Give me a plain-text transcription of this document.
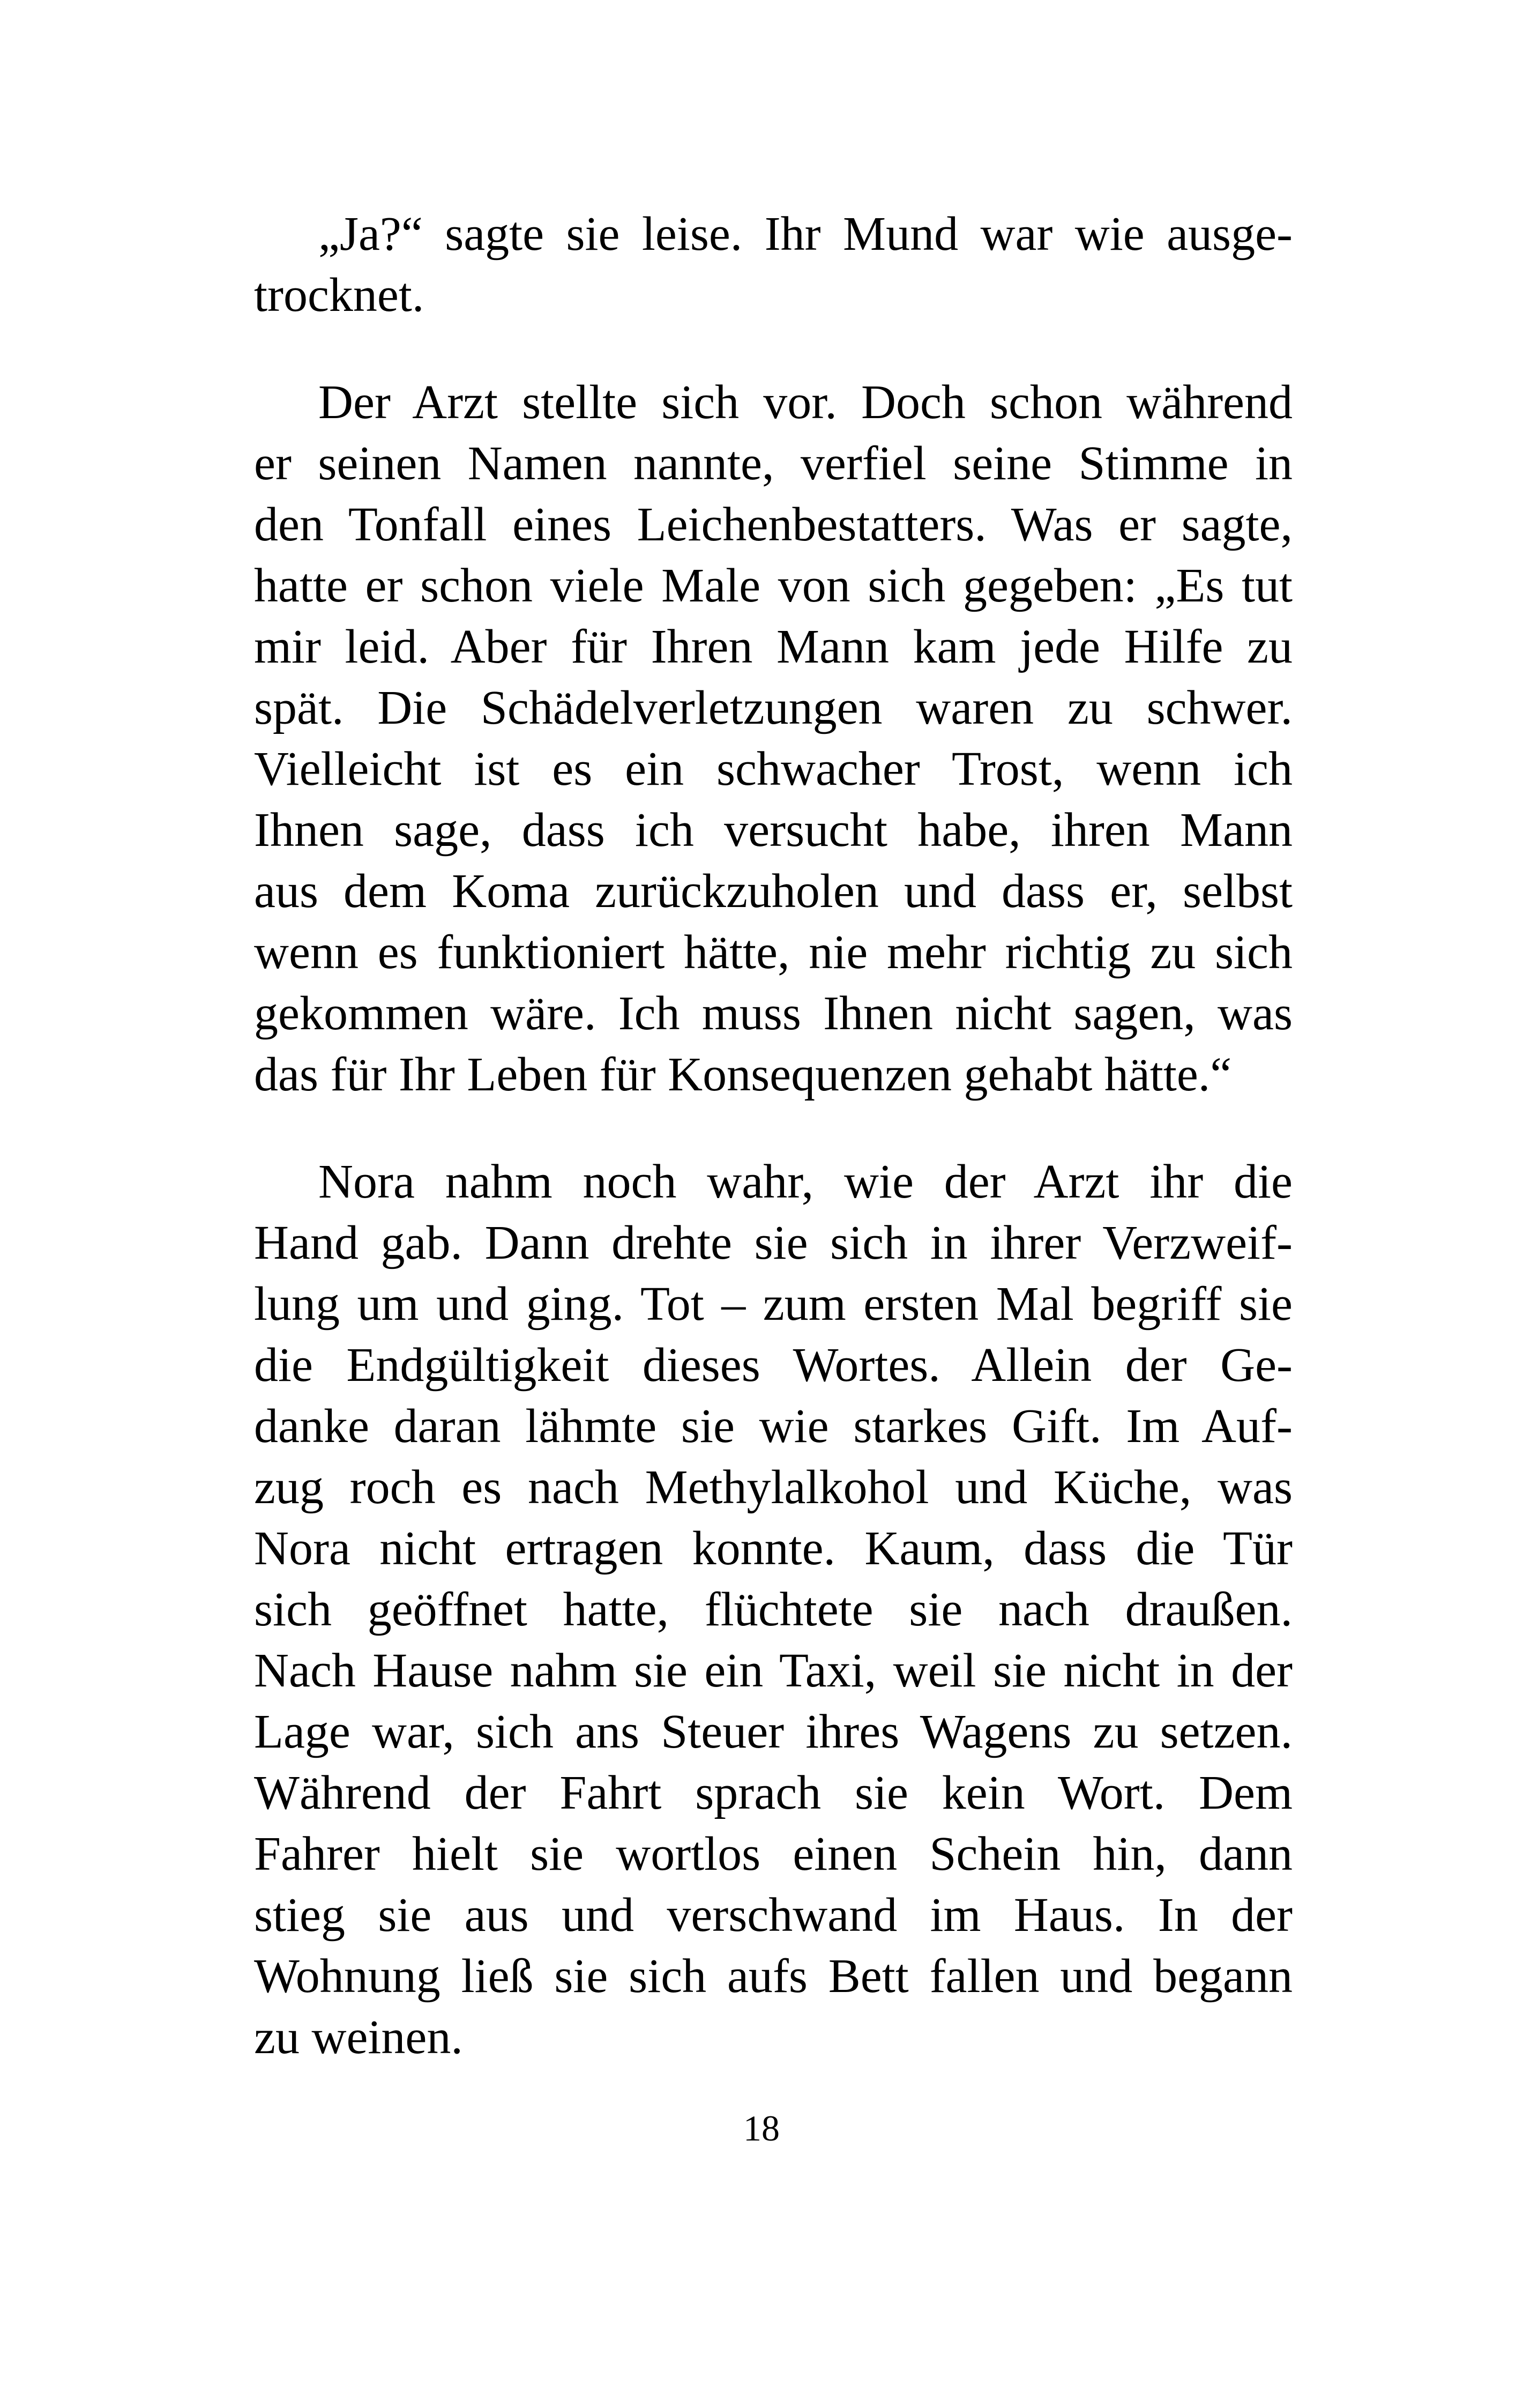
„Ja?“ sagte sie leise. Ihr Mund war wie ausge-
trocknet.

Der Arzt stellte sich vor. Doch schon während
er seinen Namen nannte, verfiel seine Stimme in
den Tonfall eines Leichenbestatters. Was er sagte,
hatte er schon viele Male von sich gegeben: „Es tut
mir leid. Aber für Ihren Mann kam jede Hilfe zu
spät. Die Schädelverletzungen waren zu schwer.
Vielleicht ist es ein schwacher Trost, wenn ich
Ihnen sage, dass ich versucht habe, ihren Mann
aus dem Koma zurückzuholen und dass er, selbst
wenn es funktioniert hätte, nie mehr richtig zu sich
gekommen wäre. Ich muss Ihnen nicht sagen, was
das für Ihr Leben für Konsequenzen gehabt hätte.“

Nora nahm noch wahr, wie der Arzt ihr die
Hand gab. Dann drehte sie sich in ihrer Verzweif-
lung um und ging. Tot – zum ersten Mal begriff sie
die Endgültigkeit dieses Wortes. Allein der Ge-
danke daran lähmte sie wie starkes Gift. Im Auf-
zug roch es nach Methylalkohol und Küche, was
Nora nicht ertragen konnte. Kaum, dass die Tür
sich geöffnet hatte, flüchtete sie nach draußen.
Nach Hause nahm sie ein Taxi, weil sie nicht in der
Lage war, sich ans Steuer ihres Wagens zu setzen.
Während der Fahrt sprach sie kein Wort. Dem
Fahrer hielt sie wortlos einen Schein hin, dann
stieg sie aus und verschwand im Haus. In der
Wohnung ließ sie sich aufs Bett fallen und begann
zu weinen.

18
